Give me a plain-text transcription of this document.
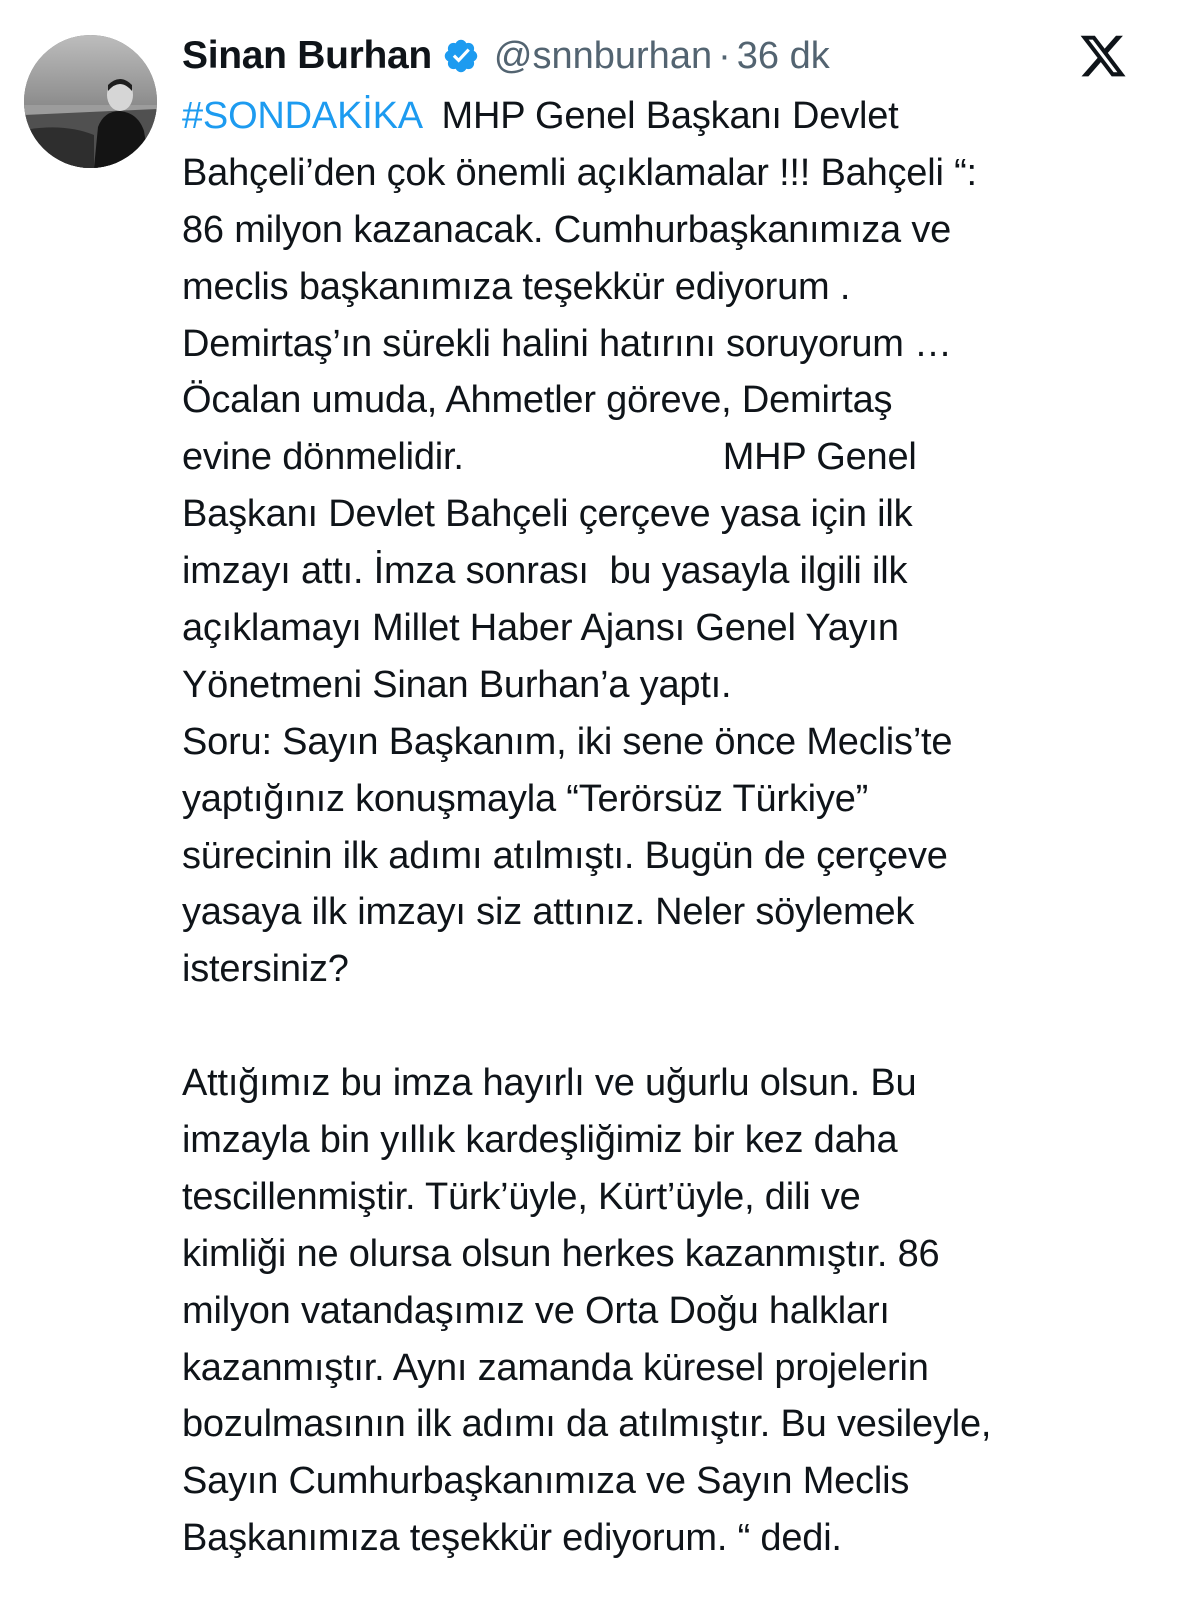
Sinan Burhan @snnburhan · 36 dk
#SONDAKİKA  MHP Genel Başkanı Devlet
Bahçeli’den çok önemli açıklamalar !!! Bahçeli “:
86 milyon kazanacak. Cumhurbaşkanımıza ve
meclis başkanımıza teşekkür ediyorum .
Demirtaş’ın sürekli halini hatırını soruyorum …
Öcalan umuda, Ahmetler göreve, Demirtaş
evine dönmelidir.                         MHP Genel
Başkanı Devlet Bahçeli çerçeve yasa için ilk
imzayı attı. İmza sonrası  bu yasayla ilgili ilk
açıklamayı Millet Haber Ajansı Genel Yayın
Yönetmeni Sinan Burhan’a yaptı.
Soru: Sayın Başkanım, iki sene önce Meclis’te
yaptığınız konuşmayla “Terörsüz Türkiye”
sürecinin ilk adımı atılmıştı. Bugün de çerçeve
yasaya ilk imzayı siz attınız. Neler söylemek
istersiniz?
Attığımız bu imza hayırlı ve uğurlu olsun. Bu
imzayla bin yıllık kardeşliğimiz bir kez daha
tescillenmiştir. Türk’üyle, Kürt’üyle, dili ve
kimliği ne olursa olsun herkes kazanmıştır. 86
milyon vatandaşımız ve Orta Doğu halkları
kazanmıştır. Aynı zamanda küresel projelerin
bozulmasının ilk adımı da atılmıştır. Bu vesileyle,
Sayın Cumhurbaşkanımıza ve Sayın Meclis
Başkanımıza teşekkür ediyorum. “ dedi.
